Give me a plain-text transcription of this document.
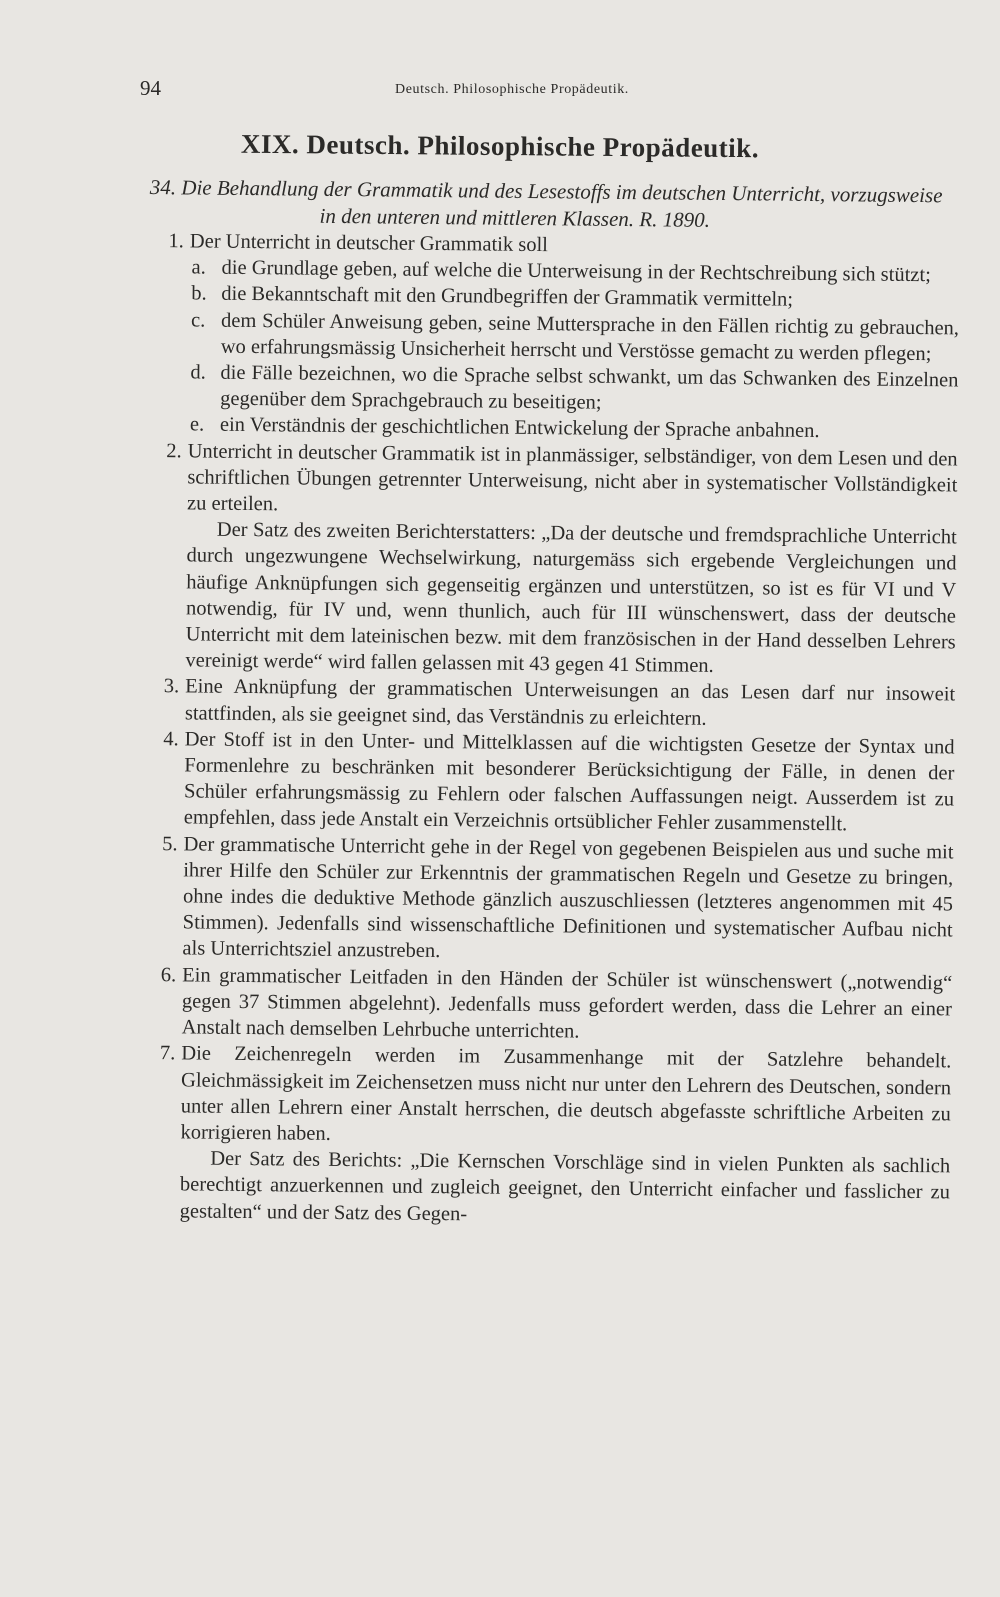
94	Deutsch. Philosophische Propädeutik.
XIX. Deutsch. Philosophische Propädeutik.
34. Die Behandlung der Grammatik und des Lesestoffs im deutschen Unterricht, vorzugsweise
in den unteren und mittleren Klassen. R. 1890.

1. Der Unterricht in deutscher Grammatik soll

a. die Grundlage geben, auf welche die Unterweisung in der Rechtschreibung sich stützt;

b. die Bekanntschaft mit den Grundbegriffen der Grammatik vermitteln;

c. dem Schüler Anweisung geben, seine Muttersprache in den Fällen richtig zu gebrauchen, wo erfahrungsmässig Unsicherheit herrscht und Verstösse gemacht zu werden pflegen;

d. die Fälle bezeichnen, wo die Sprache selbst schwankt, um das Schwanken des Einzelnen gegenüber dem Sprachgebrauch zu beseitigen;

e. ein Verständnis der geschichtlichen Entwickelung der Sprache anbahnen.

2. Unterricht in deutscher Grammatik ist in planmässiger, selbständiger, von dem Lesen und den schriftlichen Übungen getrennter Unterweisung, nicht aber in systematischer Vollständigkeit zu erteilen.

Der Satz des zweiten Berichterstatters: „Da der deutsche und fremdsprachliche Unterricht durch ungezwungene Wechselwirkung, naturgemäss sich ergebende Vergleichungen und häufige Anknüpfungen sich gegenseitig ergänzen und unterstützen, so ist es für VI und V notwendig, für IV und, wenn thunlich, auch für III wünschenswert, dass der deutsche Unterricht mit dem lateinischen bezw. mit dem französischen in der Hand desselben Lehrers vereinigt werde“ wird fallen gelassen mit 43 gegen 41 Stimmen.

3. Eine Anknüpfung der grammatischen Unterweisungen an das Lesen darf nur insoweit stattfinden, als sie geeignet sind, das Verständnis zu erleichtern.

4. Der Stoff ist in den Unter- und Mittelklassen auf die wichtigsten Gesetze der Syntax und Formenlehre zu beschränken mit besonderer Berücksichtigung der Fälle, in denen der Schüler erfahrungsmässig zu Fehlern oder falschen Auffassungen neigt. Ausserdem ist zu empfehlen, dass jede Anstalt ein Verzeichnis ortsüblicher Fehler zusammenstellt.

5. Der grammatische Unterricht gehe in der Regel von gegebenen Beispielen aus und suche mit ihrer Hilfe den Schüler zur Erkenntnis der grammatischen Regeln und Gesetze zu bringen, ohne indes die deduktive Methode gänzlich auszuschliessen (letzteres angenommen mit 45 Stimmen). Jedenfalls sind wissenschaftliche Definitionen und systematischer Aufbau nicht als Unterrichtsziel anzustreben.

6. Ein grammatischer Leitfaden in den Händen der Schüler ist wünschenswert („notwendig“ gegen 37 Stimmen abgelehnt). Jedenfalls muss gefordert werden, dass die Lehrer an einer Anstalt nach demselben Lehrbuche unterrichten.

7. Die Zeichenregeln werden im Zusammenhange mit der Satzlehre behandelt. Gleichmässigkeit im Zeichensetzen muss nicht nur unter den Lehrern des Deutschen, sondern unter allen Lehrern einer Anstalt herrschen, die deutsch abgefasste schriftliche Arbeiten zu korrigieren haben.

Der Satz des Berichts: „Die Kernschen Vorschläge sind in vielen Punkten als sachlich berechtigt anzuerkennen und zugleich geeignet, den Unterricht einfacher und fasslicher zu gestalten“ und der Satz des Gegen-
